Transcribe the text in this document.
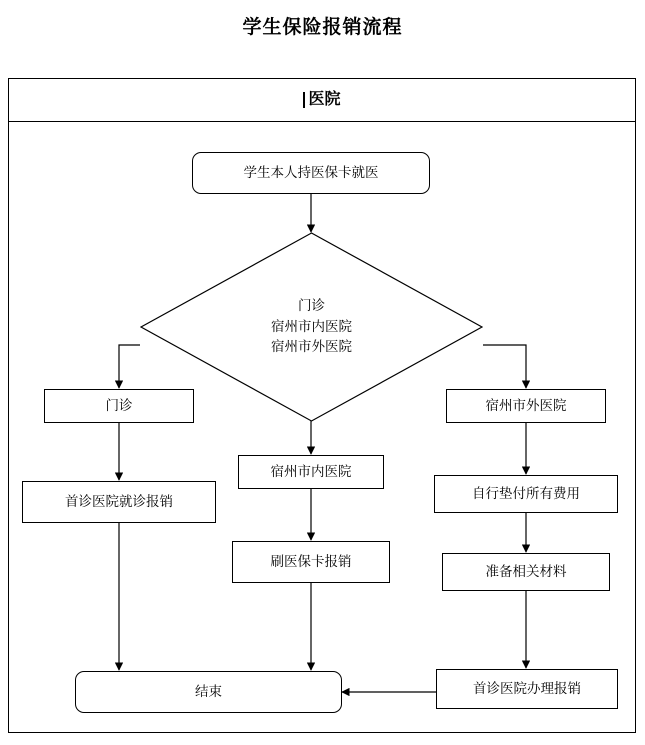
学生保险报销流程
医院
学生本人持医保卡就医
门诊
宿州市内医院
宿州市外医院
门诊
首诊医院就诊报销
宿州市内医院
刷医保卡报销
宿州市外医院
自行垫付所有费用
准备相关材料
首诊医院办理报销
结束
